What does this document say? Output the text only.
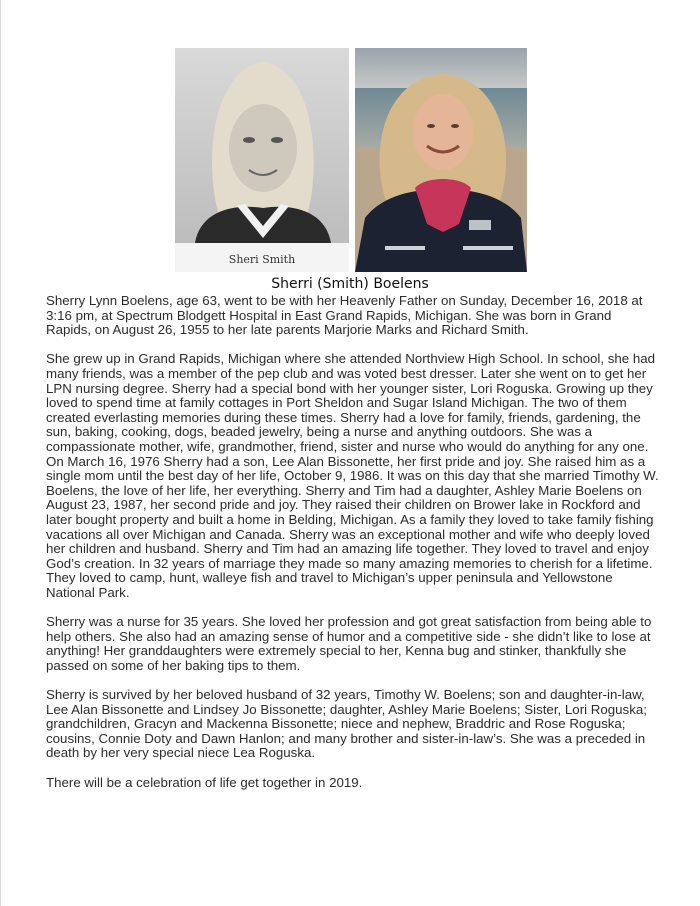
Sheri Smith
Sherri (Smith) Boelens

Sherry Lynn Boelens, age 63, went to be with her Heavenly Father on Sunday, December 16, 2018 at 3:16 pm, at Spectrum Blodgett Hospital in East Grand Rapids, Michigan. She was born in Grand Rapids, on August 26, 1955 to her late parents Marjorie Marks and Richard Smith.

She grew up in Grand Rapids, Michigan where she attended Northview High School. In school, she had many friends, was a member of the pep club and was voted best dresser. Later she went on to get her LPN nursing degree. Sherry had a special bond with her younger sister, Lori Roguska. Growing up they loved to spend time at family cottages in Port Sheldon and Sugar Island Michigan. The two of them created everlasting memories during these times. Sherry had a love for family, friends, gardening, the sun, baking, cooking, dogs, beaded jewelry, being a nurse and anything outdoors. She was a compassionate mother, wife, grandmother, friend, sister and nurse who would do anything for any one. On March 16, 1976 Sherry had a son, Lee Alan Bissonette, her first pride and joy. She raised him as a single mom until the best day of her life, October 9, 1986. It was on this day that she married Timothy W. Boelens, the love of her life, her everything. Sherry and Tim had a daughter, Ashley Marie Boelens on August 23, 1987, her second pride and joy. They raised their children on Brower lake in Rockford and later bought property and built a home in Belding, Michigan. As a family they loved to take family fishing vacations all over Michigan and Canada. Sherry was an exceptional mother and wife who deeply loved her children and husband. Sherry and Tim had an amazing life together. They loved to travel and enjoy God’s creation. In 32 years of marriage they made so many amazing memories to cherish for a lifetime. They loved to camp, hunt, walleye fish and travel to Michigan’s upper peninsula and Yellowstone National Park.

Sherry was a nurse for 35 years. She loved her profession and got great satisfaction from being able to help others. She also had an amazing sense of humor and a competitive side - she didn’t like to lose at anything! Her granddaughters were extremely special to her, Kenna bug and stinker, thankfully she passed on some of her baking tips to them.

Sherry is survived by her beloved husband of 32 years, Timothy W. Boelens; son and daughter-in-law, Lee Alan Bissonette and Lindsey Jo Bissonette; daughter, Ashley Marie Boelens; Sister, Lori Roguska; grandchildren, Gracyn and Mackenna Bissonette; niece and nephew, Braddric and Rose Roguska; cousins, Connie Doty and Dawn Hanlon; and many brother and sister-in-law’s. She was a preceded in death by her very special niece Lea Roguska.

There will be a celebration of life get together in 2019.
